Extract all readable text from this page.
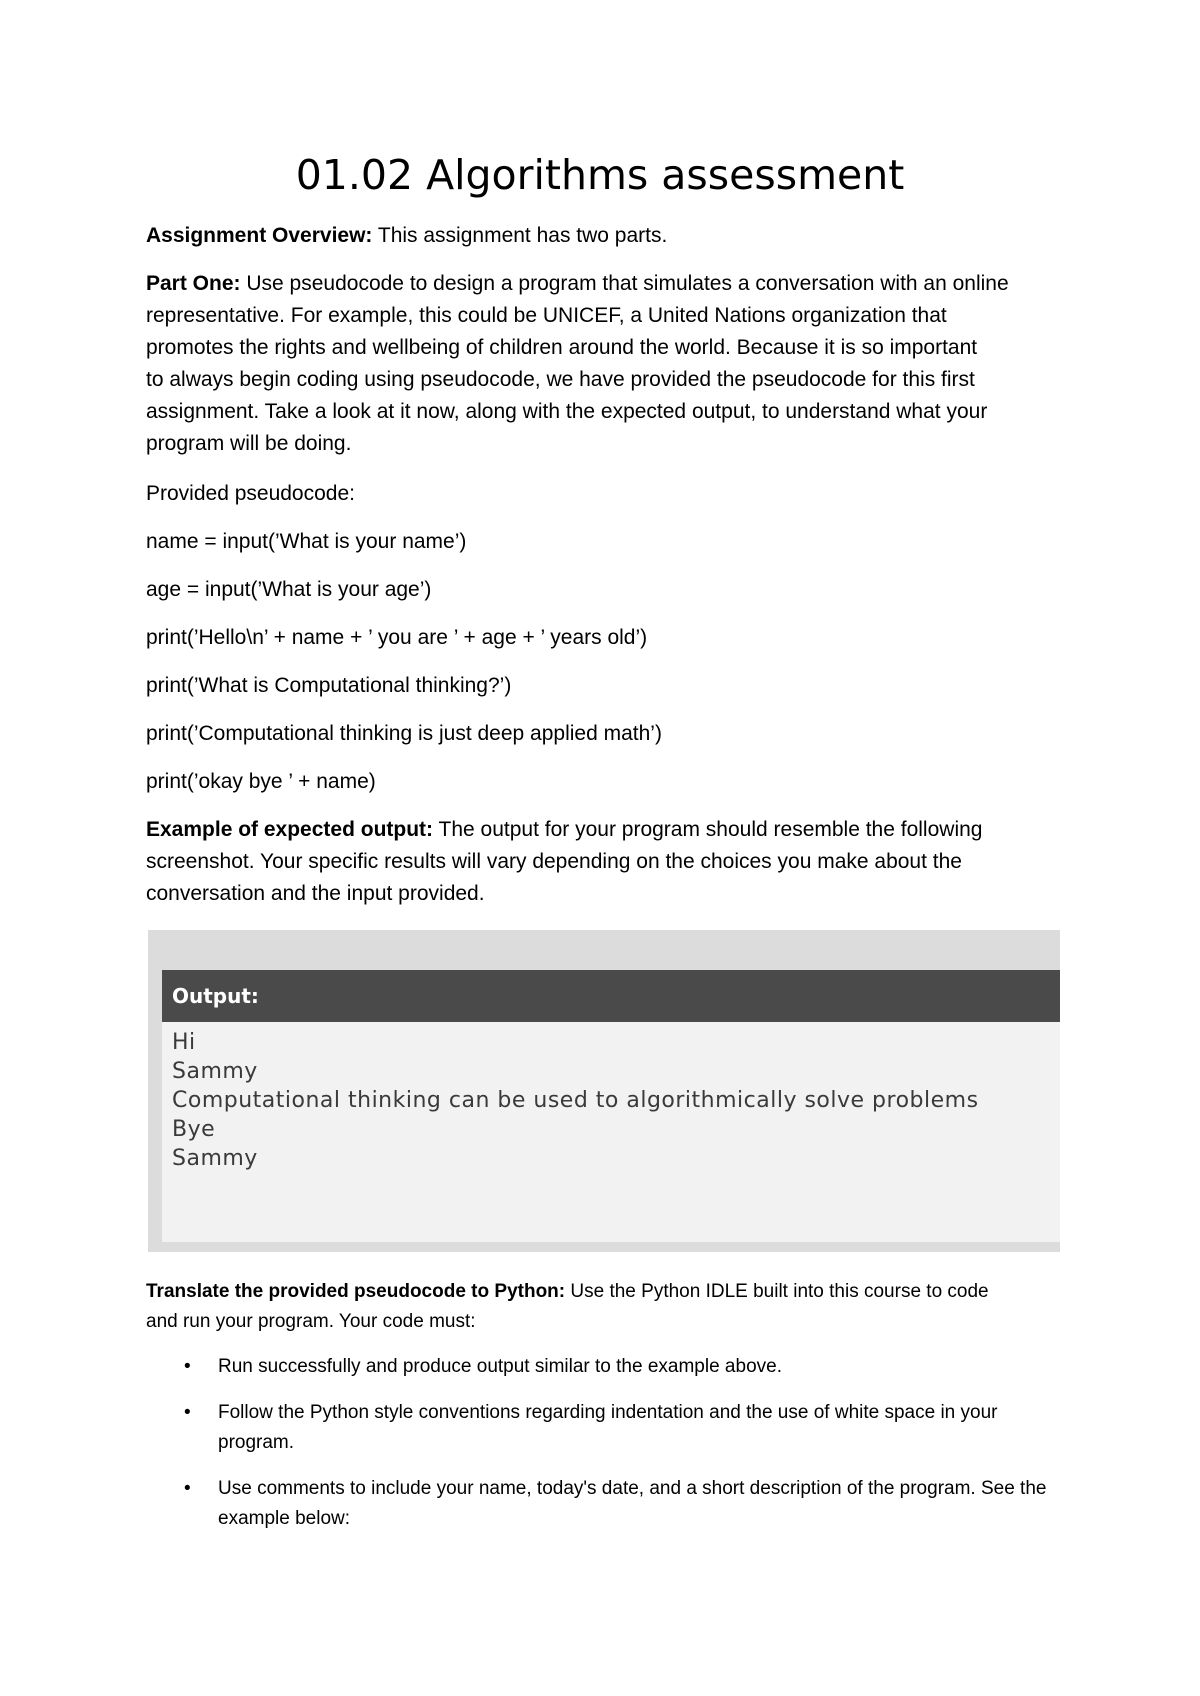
01.02 Algorithms assessment

Assignment Overview: This assignment has two parts.

Part One: Use pseudocode to design a program that simulates a conversation with an online
representative. For example, this could be UNICEF, a United Nations organization that
promotes the rights and wellbeing of children around the world. Because it is so important
to always begin coding using pseudocode, we have provided the pseudocode for this first
assignment. Take a look at it now, along with the expected output, to understand what your
program will be doing.

Provided pseudocode:

name = input(’What is your name’)

age = input(’What is your age’)

print(’Hello\n’ + name + ’ you are ’ + age + ’ years old’)

print(’What is Computational thinking?’)

print(’Computational thinking is just deep applied math’)

print(’okay bye ’ + name)

Example of expected output: The output for your program should resemble the following
screenshot. Your specific results will vary depending on the choices you make about the
conversation and the input provided.
Output:
Hi
Sammy
Computational thinking can be used to algorithmically solve problems
Bye
Sammy
Translate the provided pseudocode to Python: Use the Python IDLE built into this course to code
and run your program. Your code must:
•	Run successfully and produce output similar to the example above.
•	Follow the Python style conventions regarding indentation and the use of white space in your program.
•	Use comments to include your name, today's date, and a short description of the program. See the example below:
